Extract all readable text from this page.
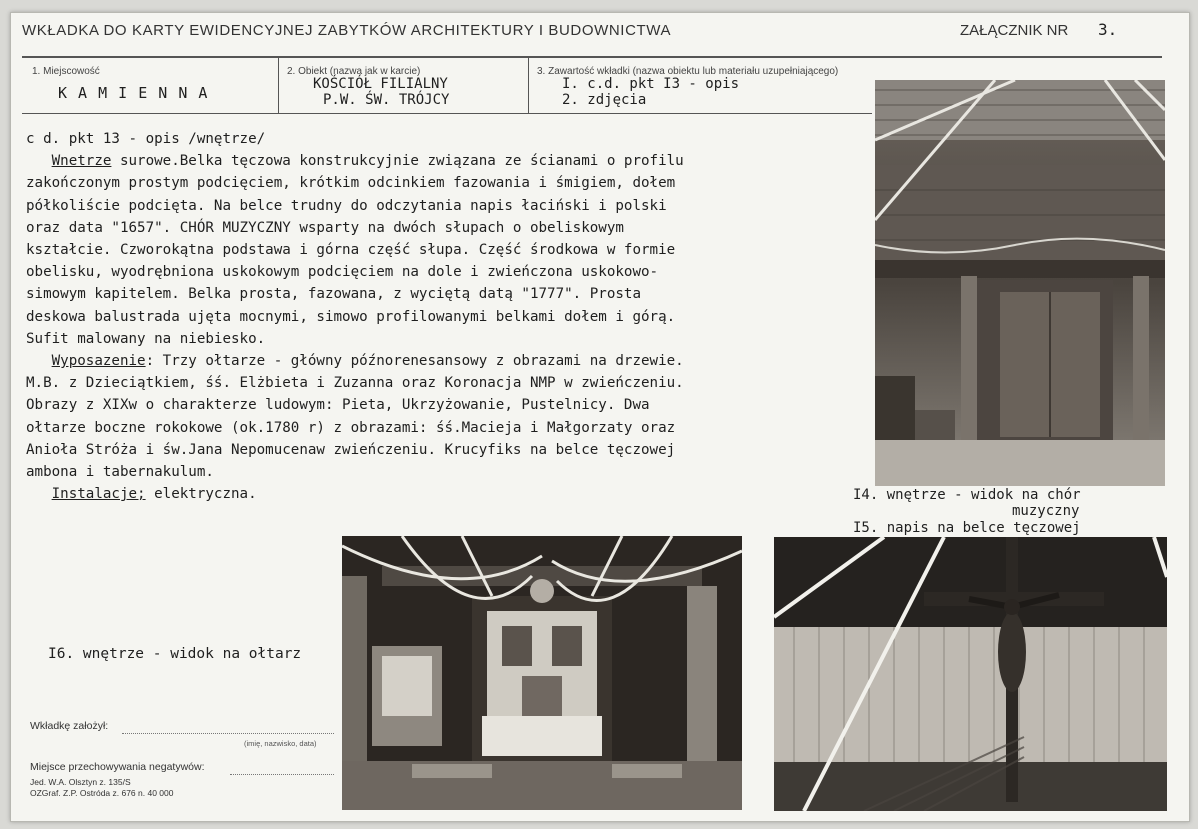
WKŁADKA DO KARTY EWIDENCYJNEJ ZABYTKÓW ARCHITEKTURY I BUDOWNICTWA	ZAŁĄCZNIK NR 3.
1. Miejscowość
K A M I E N N A
2. Obiekt (nazwa jak w karcie)
KOŚCIÓŁ FILIALNY
P.W. ŚW. TRÓJCY
3. Zawartość wkładki (nazwa obiektu lub materiału uzupełniającego)
I. c.d. pkt I3 - opis
2. zdjęcia
c d. pkt 13 - opis /wnętrze/
Wnetrze surowe.Belka tęczowa konstrukcyjnie związana ze ścianami o profilu
zakończonym prostym podcięciem, krótkim odcinkiem fazowania i śmigiem, dołem
półkoliście podcięta. Na belce trudny do odczytania napis łaciński i polski
oraz data "1657". CHÓR MUZYCZNY wsparty na dwóch słupach o obeliskowym
kształcie. Czworokątna podstawa i górna część słupa. Część środkowa w formie
obelisku, wyodrębniona uskokowym podcięciem na dole i zwieńczona uskokowo-
simowym kapitelem. Belka prosta, fazowana, z wyciętą datą "1777". Prosta
deskowa balustrada ujęta mocnymi, simowo profilowanymi belkami dołem i górą.
Sufit malowany na niebiesko.
Wyposazenie: Trzy ołtarze - główny późnorenesansowy z obrazami na drzewie.
M.B. z Dzieciątkiem, śś. Elżbieta i Zuzanna oraz Koronacja NMP w zwieńczeniu.
Obrazy z XIXw o charakterze ludowym: Pieta, Ukrzyżowanie, Pustelnicy. Dwa
ołtarze boczne rokokowe (ok.1780 r) z obrazami: śś.Macieja i Małgorzaty oraz
Anioła Stróża i św.Jana Nepomucenaw zwieńczeniu. Krucyfiks na belce tęczowej
ambona i tabernakulum.
Instalacje; elektryczna.	I4. wnętrze - widok na chór
muzyczny
I5. napis na belce tęczowej
I6. wnętrze - widok na ołtarz
Wkładkę założył:
(imię, nazwisko, data)
Miejsce przechowywania negatywów:
Jed. W.A. Olsztyn z. 135/S
OZGraf. Z.P. Ostróda z. 676 n. 40 000
